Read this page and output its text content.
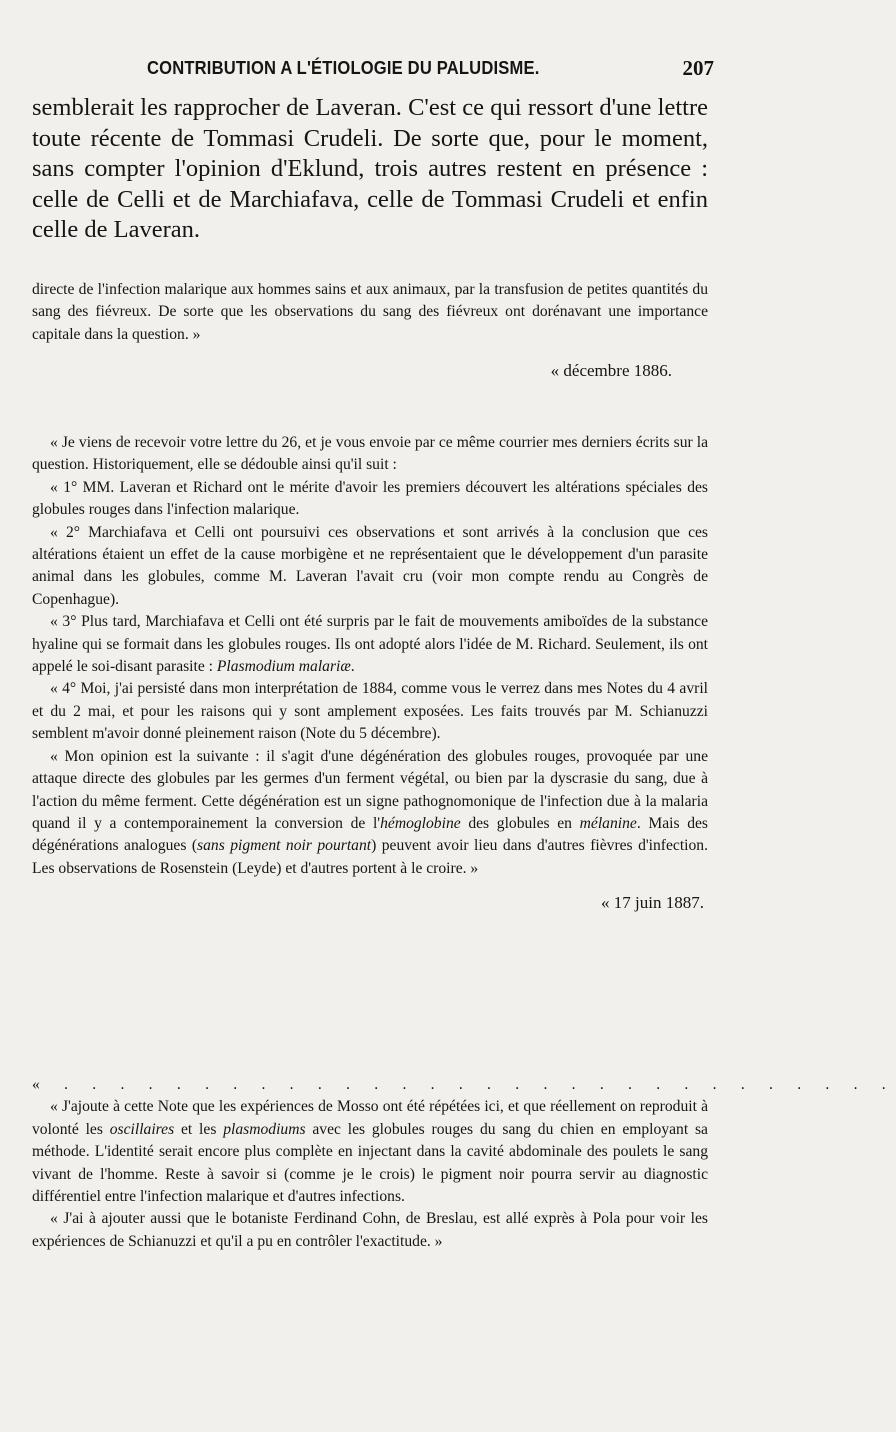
CONTRIBUTION A L'ÉTIOLOGIE DU PALUDISME.	207

semblerait les rapprocher de Laveran. C'est ce qui ressort d'une lettre toute récente de Tommasi Crudeli. De sorte que, pour le moment, sans compter l'opinion d'Eklund, trois autres restent en présence : celle de Celli et de Marchiafava, celle de Tommasi Crudeli et enfin celle de Laveran.

directe de l'infection malarique aux hommes sains et aux animaux, par la transfusion de petites quantités du sang des fiévreux. De sorte que les observations du sang des fiévreux ont dorénavant une importance capitale dans la question. »

« décembre 1886.

« Je viens de recevoir votre lettre du 26, et je vous envoie par ce même courrier mes derniers écrits sur la question. Historiquement, elle se dédouble ainsi qu'il suit :

« 1° MM. Laveran et Richard ont le mérite d'avoir les premiers découvert les altérations spéciales des globules rouges dans l'infection malarique.

« 2° Marchiafava et Celli ont poursuivi ces observations et sont arrivés à la conclusion que ces altérations étaient un effet de la cause morbigène et ne représentaient que le développement d'un parasite animal dans les globules, comme M. Laveran l'avait cru (voir mon compte rendu au Congrès de Copenhague).

« 3° Plus tard, Marchiafava et Celli ont été surpris par le fait de mouvements amiboïdes de la substance hyaline qui se formait dans les globules rouges. Ils ont adopté alors l'idée de M. Richard. Seulement, ils ont appelé le soi-disant parasite : Plasmodium malariæ.

« 4° Moi, j'ai persisté dans mon interprétation de 1884, comme vous le verrez dans mes Notes du 4 avril et du 2 mai, et pour les raisons qui y sont amplement exposées. Les faits trouvés par M. Schianuzzi semblent m'avoir donné pleinement raison (Note du 5 décembre).

« Mon opinion est la suivante : il s'agit d'une dégénération des globules rouges, provoquée par une attaque directe des globules par les germes d'un ferment végétal, ou bien par la dyscrasie du sang, due à l'action du même ferment. Cette dégénération est un signe pathognomonique de l'infection due à la malaria quand il y a contemporainement la conversion de l'hémoglobine des globules en mélanine. Mais des dégénérations analogues (sans pigment noir pourtant) peuvent avoir lieu dans d'autres fièvres d'infection. Les observations de Rosenstein (Leyde) et d'autres portent à le croire. »

« 17 juin 1887.

« . . . . . . . . . . . . . . . . . . . . . . . . . . . . . .

« J'ajoute à cette Note que les expériences de Mosso ont été répétées ici, et que réellement on reproduit à volonté les oscillaires et les plasmodiums avec les globules rouges du sang du chien en employant sa méthode. L'identité serait encore plus complète en injectant dans la cavité abdominale des poulets le sang vivant de l'homme. Reste à savoir si (comme je le crois) le pigment noir pourra servir au diagnostic différentiel entre l'infection malarique et d'autres infections.

« J'ai à ajouter aussi que le botaniste Ferdinand Cohn, de Breslau, est allé exprès à Pola pour voir les expériences de Schianuzzi et qu'il a pu en contrôler l'exactitude. »
